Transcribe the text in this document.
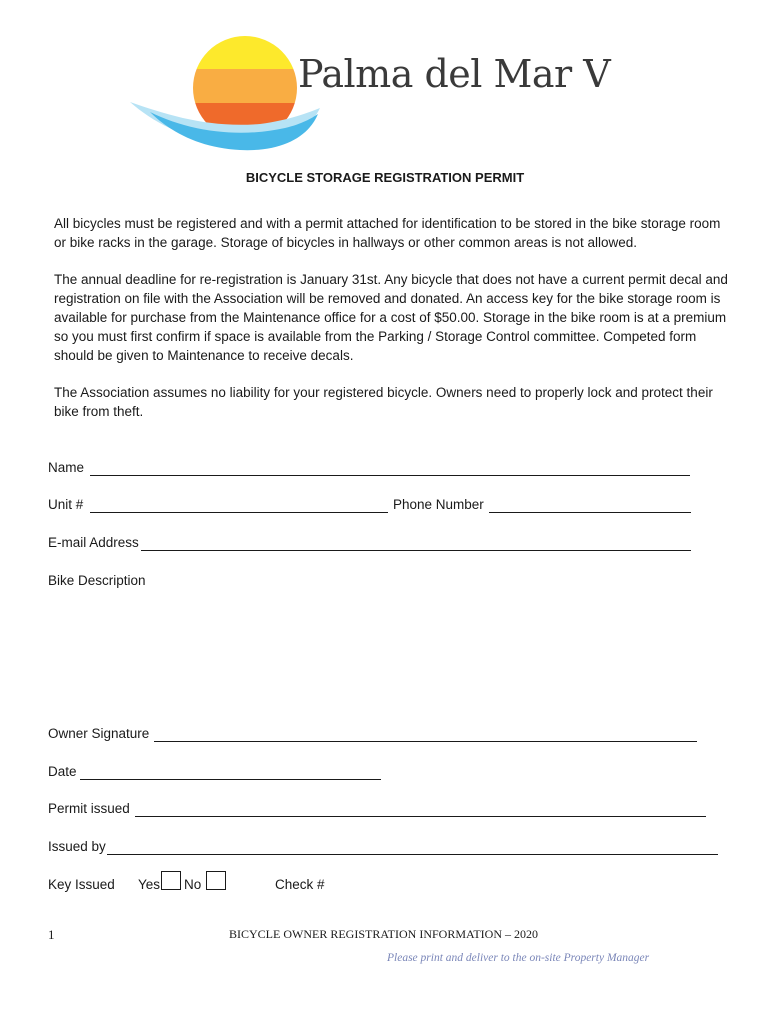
Palma del Mar V
BICYCLE STORAGE REGISTRATION PERMIT

All bicycles must be registered and with a permit attached for identification to be stored in the bike storage room or bike racks in the garage. Storage of bicycles in hallways or other common areas is not allowed.

The annual deadline for re-registration is January 31st. Any bicycle that does not have a current permit decal and registration on file with the Association will be removed and donated. An access key for the bike storage room is available for purchase from the Maintenance office for a cost of $50.00. Storage in the bike room is at a premium so you must first confirm if space is available from the Parking / Storage Control committee. Competed form should be given to Maintenance to receive decals.

The Association assumes no liability for your registered bicycle. Owners need to properly lock and protect their bike from theft.

Name
Unit #	Phone Number
E-mail Address
Bike Description
Owner Signature
Date
Permit issued
Issued by
Key Issued Yes No	Check #
1	BICYCLE OWNER REGISTRATION INFORMATION – 2020
Please print and deliver to the on-site Property Manager
